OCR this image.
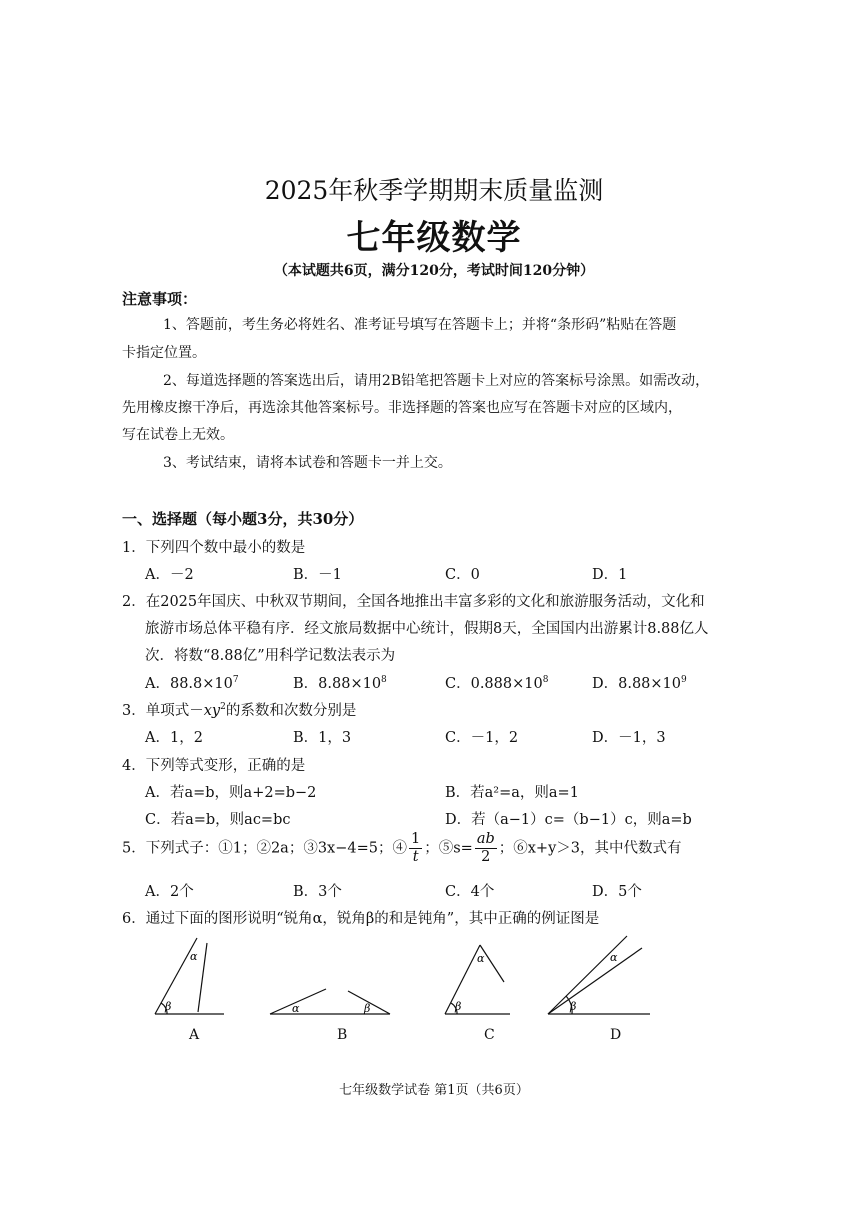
2025年秋季学期期末质量监测
七年级数学
（本试题共6页，满分120分，考试时间120分钟）
注意事项：
1、答题前，考生务必将姓名、准考证号填写在答题卡上；并将“条形码”粘贴在答题
卡指定位置。
2、每道选择题的答案选出后，请用2B铅笔把答题卡上对应的答案标号涂黑。如需改动，
先用橡皮擦干净后，再选涂其他答案标号。非选择题的答案也应写在答题卡对应的区域内，
写在试卷上无效。
3、考试结束，请将本试卷和答题卡一并上交。
一、选择题（每小题3分，共30分）
1．下列四个数中最小的数是
A．－2	B．－1	C．0	D．1
2．在2025年国庆、中秋双节期间，全国各地推出丰富多彩的文化和旅游服务活动，文化和
旅游市场总体平稳有序．经文旅局数据中心统计，假期8天，全国国内出游累计8.88亿人
次．将数“8.88亿”用科学记数法表示为
A．$88.8\times 10^7$	B．$8.88\times 10^8$	C．$0.888\times 10^8$	D．$8.88\times 10^9$
3．单项式$-xy^2$的系数和次数分别是
A．1，2	B．1，3	C．－1，2	D．－1，3
4．下列等式变形，正确的是
A．若a=b，则a+2=b−2	B．若a²=a，则a=1
C．若a=b，则ac=bc	D．若（a−1）c=（b−1）c，则a=b
5．下列式子：①1；②2a；③3x−4=5；④ $\frac{1}{t}$ ；⑤s= $\frac{ab}{2}$ ；⑥x+y＞3，其中代数式有
A．2个	B．3个	C．4个	D．5个
6．通过下面的图形说明“锐角α，锐角β的和是钝角”，其中正确的例证图是
α
β	α	β
α
β
α
β
A	B	C	D
七年级数学试卷 第1页（共6页）
